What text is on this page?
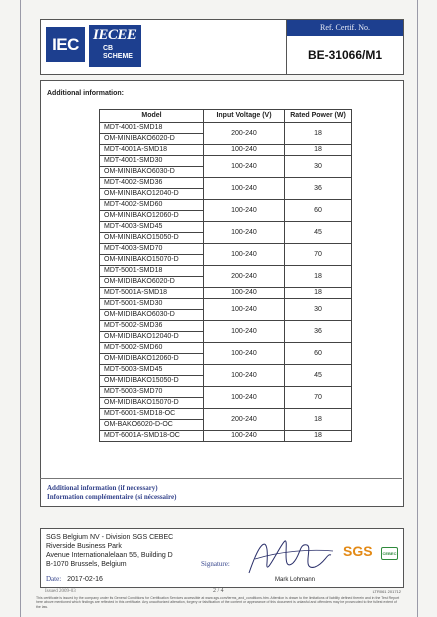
IEC IECEE
CB
SCHEME
Ref. Certif. No.
BE-31066/M1
Additional information:
Model	Input Voltage (V)	Rated Power (W)
MDT-4001-SMD18	200-240	18
OM-MINIBAKO6020-D		
MDT-4001A-SMD18	100-240	18
MDT-4001-SMD30	100-240	30
OM-MINIBAKO6030-D		
MDT-4002-SMD36	100-240	36
OM-MINIBAKO12040-D		
MDT-4002-SMD60	100-240	60
OM-MINIBAKO12060-D		
MDT-4003-SMD45	100-240	45
OM-MINIBAKO15050-D		
MDT-4003-SMD70	100-240	70
OM-MINIBAKO15070-D		
MDT-5001-SMD18	200-240	18
OM-MIDIBAKO6020-D		
MDT-5001A-SMD18	100-240	18
MDT-5001-SMD30	100-240	30
OM-MIDIBAKO6030-D		
MDT-5002-SMD36	100-240	36
OM-MIDIBAKO12040-D		
MDT-5002-SMD60	100-240	60
OM-MIDIBAKO12060-D		
MDT-5003-SMD45	100-240	45
OM-MIDIBAKO15050-D		
MDT-5003-SMD70	100-240	70
OM-MIDIBAKO15070-D		
MDT-6001-SMD18-OC	200-240	18
OM-BAKO6020-D-OC		
MDT-6001A-SMD18-OC	100-240	18
Additional information (if necessary)
Information complémentaire (si nécessaire)
SGS Belgium NV - Division SGS CEBEC
Riverside Business Park
Avenue Internationalelaan 55, Building D
B-1070 Brussels, Belgium
Date: 2017-02-16
Signature:
Mark Lohmann
SGS	CEBEC
Issued 2009-03	2 / 4	LTR061 201712
This certificate is issued by the company under its General Conditions for Certification Services accessible at www.sgs.com/terms_and_conditions.htm. Attention is drawn to the limitations of liability defined therein and in the Test Report here above mentioned which findings are reflected in this certificate. Any unauthorized alteration, forgery or falsification of the content or appearance of this document is unlawful and offenders may be prosecuted to the fullest extent of the law.
